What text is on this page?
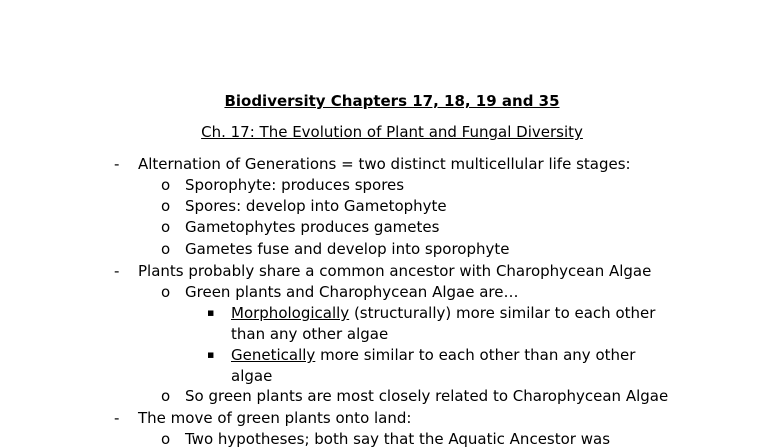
Biodiversity Chapters 17, 18, 19 and 35

Ch. 17: The Evolution of Plant and Fungal Diversity

- Alternation of Generations = two distinct multicellular life stages:
o Sporophyte: produces spores
o Spores: develop into Gametophyte
o Gametophytes produces gametes
o Gametes fuse and develop into sporophyte
- Plants probably share a common ancestor with Charophycean Algae
o Green plants and Charophycean Algae are…
▪ Morphologically (structurally) more similar to each other
than any other algae
▪ Genetically more similar to each other than any other
algae
o So green plants are most closely related to Charophycean Algae
- The move of green plants onto land:
o Two hypotheses; both say that the Aquatic Ancestor was
